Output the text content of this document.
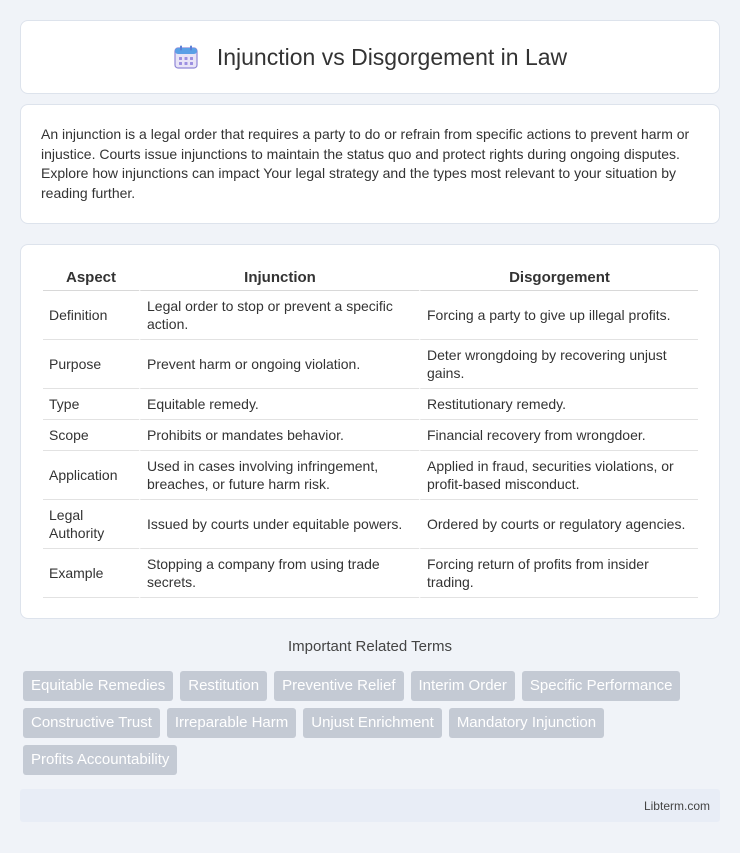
Injunction vs Disgorgement in Law

An injunction is a legal order that requires a party to do or refrain from specific actions to prevent harm or injustice. Courts issue injunctions to maintain the status quo and protect rights during ongoing disputes. Explore how injunctions can impact Your legal strategy and the types most relevant to your situation by reading further.

Aspect	Injunction	Disgorgement
Definition	Legal order to stop or prevent a specific action.	Forcing a party to give up illegal profits.
Purpose	Prevent harm or ongoing violation.	Deter wrongdoing by recovering unjust gains.
Type	Equitable remedy.	Restitutionary remedy.
Scope	Prohibits or mandates behavior.	Financial recovery from wrongdoer.
Application	Used in cases involving infringement, breaches, or future harm risk.	Applied in fraud, securities violations, or profit-based misconduct.
Legal Authority	Issued by courts under equitable powers.	Ordered by courts or regulatory agencies.
Example	Stopping a company from using trade secrets.	Forcing return of profits from insider trading.
Important Related Terms
Equitable Remedies	Restitution	Preventive Relief	Interim Order	Specific Performance
Constructive Trust	Irreparable Harm	Unjust Enrichment	Mandatory Injunction
Profits Accountability
Libterm.com
